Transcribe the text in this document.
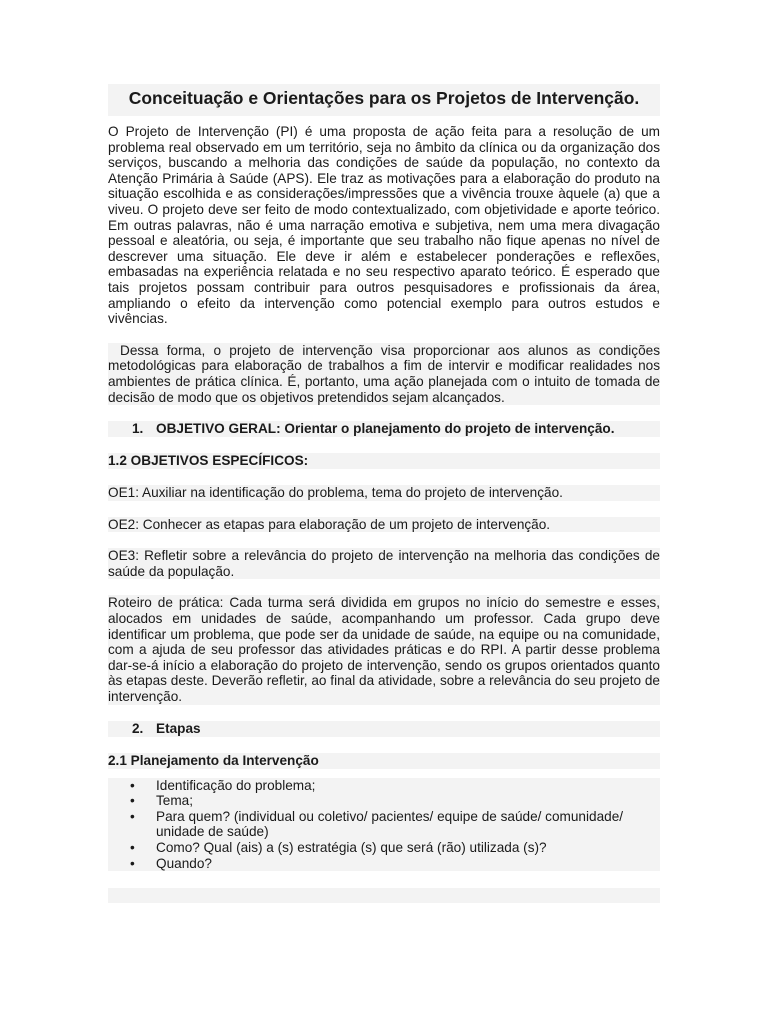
Conceituação e Orientações para os Projetos de Intervenção.

O Projeto de Intervenção (PI) é uma proposta de ação feita para a resolução de um problema real observado em um território, seja no âmbito da clínica ou da organização dos serviços, buscando a melhoria das condições de saúde da população, no contexto da Atenção Primária à Saúde (APS). Ele traz as motivações para a elaboração do produto na situação escolhida e as considerações/impressões que a vivência trouxe àquele (a) que a viveu. O projeto deve ser feito de modo contextualizado, com objetividade e aporte teórico. Em outras palavras, não é uma narração emotiva e subjetiva, nem uma mera divagação pessoal e aleatória, ou seja, é importante que seu trabalho não fique apenas no nível de descrever uma situação. Ele deve ir além e estabelecer ponderações e reflexões, embasadas na experiência relatada e no seu respectivo aparato teórico. É esperado que tais projetos possam contribuir para outros pesquisadores e profissionais da área, ampliando o efeito da intervenção como potencial exemplo para outros estudos e vivências.

Dessa forma, o projeto de intervenção visa proporcionar aos alunos as condições metodológicas para elaboração de trabalhos a fim de intervir e modificar realidades nos ambientes de prática clínica. É, portanto, uma ação planejada com o intuito de tomada de decisão de modo que os objetivos pretendidos sejam alcançados.

1. OBJETIVO GERAL: Orientar o planejamento do projeto de intervenção.

1.2 OBJETIVOS ESPECÍFICOS:

OE1: Auxiliar na identificação do problema, tema do projeto de intervenção.

OE2: Conhecer as etapas para elaboração de um projeto de intervenção.

OE3: Refletir sobre a relevância do projeto de intervenção na melhoria das condições de saúde da população.

Roteiro de prática: Cada turma será dividida em grupos no início do semestre e esses, alocados em unidades de saúde, acompanhando um professor. Cada grupo deve identificar um problema, que pode ser da unidade de saúde, na equipe ou na comunidade, com a ajuda de seu professor das atividades práticas e do RPI. A partir desse problema dar-se-á início a elaboração do projeto de intervenção, sendo os grupos orientados quanto às etapas deste. Deverão refletir, ao final da atividade, sobre a relevância do seu projeto de intervenção.

2. Etapas

2.1 Planejamento da Intervenção

•	Identificação do problema;
•	Tema;
•	Para quem? (individual ou coletivo/ pacientes/ equipe de saúde/ comunidade/ unidade de saúde)
•	Como? Qual (ais) a (s) estratégia (s) que será (rão) utilizada (s)?
•	Quando?
